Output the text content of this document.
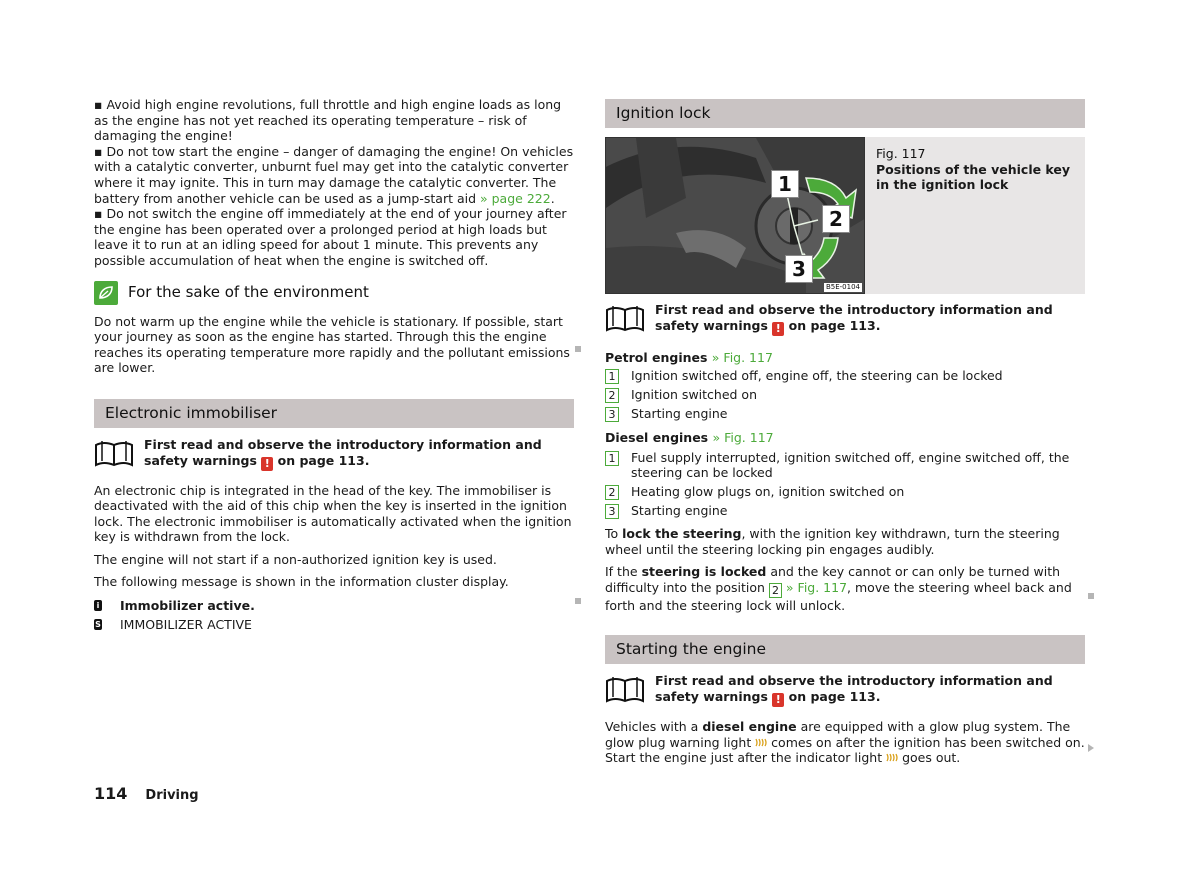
▪ Avoid high engine revolutions, full throttle and high engine loads as long as the engine has not yet reached its operating temperature – risk of damaging the engine!

▪ Do not tow start the engine – danger of damaging the engine! On vehicles with a catalytic converter, unburnt fuel may get into the catalytic converter where it may ignite. This in turn may damage the catalytic converter. The battery from another vehicle can be used as a jump-start aid » page 222.

▪ Do not switch the engine off immediately at the end of your journey after the engine has been operated over a prolonged period at high loads but leave it to run at an idling speed for about 1 minute. This prevents any possible accumulation of heat when the engine is switched off.

For the sake of the environment

Do not warm up the engine while the vehicle is stationary. If possible, start your journey as soon as the engine has started. Through this the engine reaches its operating temperature more rapidly and the pollutant emissions are lower.

Electronic immobiliser

First read and observe the introductory information and safety warnings ! on page 113.

An electronic chip is integrated in the head of the key. The immobiliser is deactivated with the aid of this chip when the key is inserted in the ignition lock. The electronic immobiliser is automatically activated when the ignition key is withdrawn from the lock.

The engine will not start if a non-authorized ignition key is used.

The following message is shown in the information cluster display.

i Immobilizer active.
S IMMOBILIZER ACTIVE
Ignition lock
1
2
3
B5E-0104

Fig. 117

Positions of the vehicle key in the ignition lock

First read and observe the introductory information and safety warnings ! on page 113.

Petrol engines » Fig. 117

1 Ignition switched off, engine off, the steering can be locked
2 Ignition switched on
3 Starting engine

Diesel engines » Fig. 117

1 Fuel supply interrupted, ignition switched off, engine switched off, the steering can be locked
2 Heating glow plugs on, ignition switched on
3 Starting engine

To lock the steering, with the ignition key withdrawn, turn the steering wheel until the steering locking pin engages audibly.

If the steering is locked and the key cannot or can only be turned with difficulty into the position 2 » Fig. 117, move the steering wheel back and forth and the steering lock will unlock.

Starting the engine

First read and observe the introductory information and safety warnings ! on page 113.

Vehicles with a diesel engine are equipped with a glow plug system. The glow plug warning light  comes on after the ignition has been switched on. Start the engine just after the indicator light  goes out.

114 Driving
